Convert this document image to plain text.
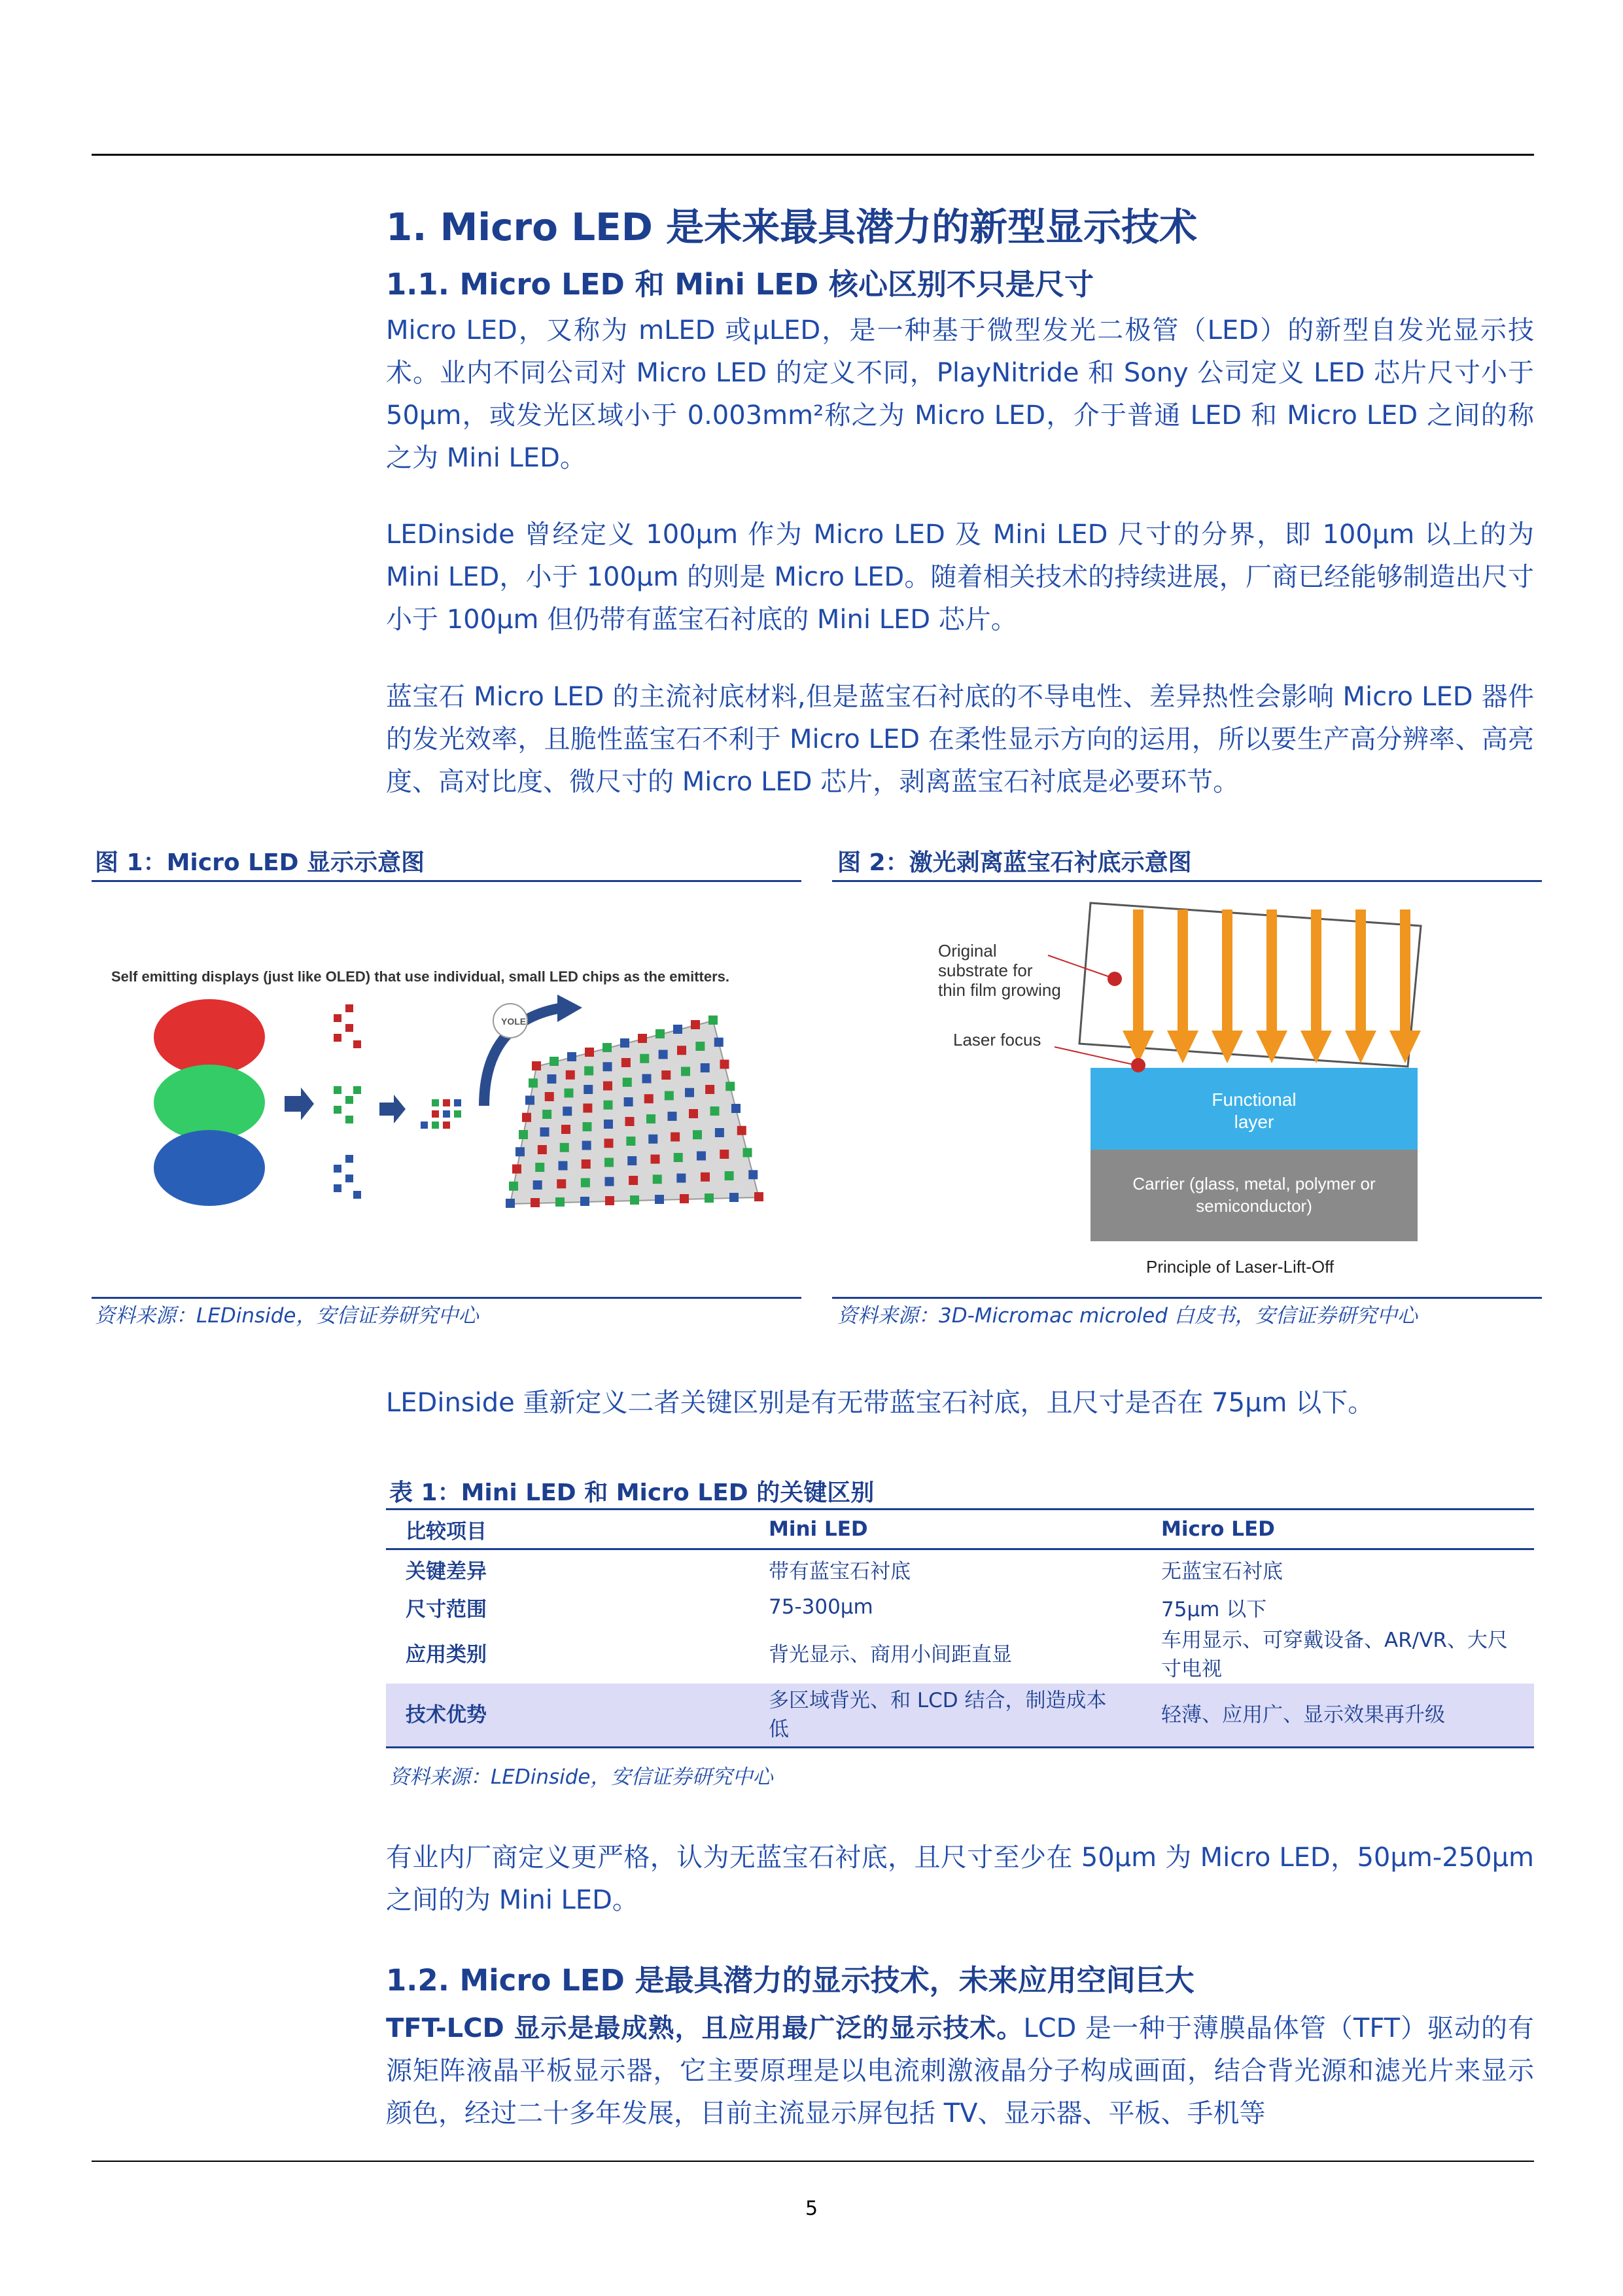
1. Micro LED 是未来最具潜力的新型显示技术
1.1. Micro LED 和 Mini LED 核心区别不只是尺寸
Micro LED，又称为 mLED 或μLED，是一种基于微型发光二极管（LED）的新型自发光显示技术。业内不同公司对 Micro LED 的定义不同，PlayNitride 和 Sony 公司定义 LED 芯片尺寸小于 50μm，或发光区域小于 0.003mm²称之为 Micro LED，介于普通 LED 和 Micro LED 之间的称之为 Mini LED。
LEDinside 曾经定义 100μm 作为 Micro LED 及 Mini LED 尺寸的分界，即 100μm 以上的为 Mini LED，小于 100μm 的则是 Micro LED。随着相关技术的持续进展，厂商已经能够制造出尺寸小于 100μm 但仍带有蓝宝石衬底的 Mini LED 芯片。
蓝宝石 Micro LED 的主流衬底材料,但是蓝宝石衬底的不导电性、差异热性会影响 Micro LED 器件的发光效率，且脆性蓝宝石不利于 Micro LED 在柔性显示方向的运用，所以要生产高分辨率、高亮度、高对比度、微尺寸的 Micro LED 芯片，剥离蓝宝石衬底是必要环节。
图 1：Micro LED 显示示意图
Self emitting displays (just like OLED) that use individual, small LED chips as the emitters.
YOLE
资料来源：LEDinside，安信证券研究中心
图 2：激光剥离蓝宝石衬底示意图
Functional
layer
Carrier (glass, metal, polymer or
semiconductor)
Original
substrate for
thin film growing
Laser focus
Principle of Laser-Lift-Off
资料来源：3D-Micromac microled 白皮书，安信证券研究中心
LEDinside 重新定义二者关键区别是有无带蓝宝石衬底，且尺寸是否在 75μm 以下。
表 1：Mini LED 和 Micro LED 的关键区别
比较项目	Mini LED	Micro LED
关键差异	带有蓝宝石衬底	无蓝宝石衬底
尺寸范围	75-300μm	75μm 以下
应用类别	背光显示、商用小间距直显	车用显示、可穿戴设备、AR/VR、大尺寸电视
技术优势	多区域背光、和 LCD 结合，制造成本低	轻薄、应用广、显示效果再升级
资料来源：LEDinside，安信证券研究中心
有业内厂商定义更严格，认为无蓝宝石衬底，且尺寸至少在 50μm 为 Micro LED，50μm-250μm 之间的为 Mini LED。
1.2. Micro LED 是最具潜力的显示技术，未来应用空间巨大
TFT-LCD 显示是最成熟，且应用最广泛的显示技术。LCD 是一种于薄膜晶体管（TFT）驱动的有源矩阵液晶平板显示器，它主要原理是以电流刺激液晶分子构成画面，结合背光源和滤光片来显示颜色，经过二十多年发展，目前主流显示屏包括 TV、显示器、平板、手机等
5
